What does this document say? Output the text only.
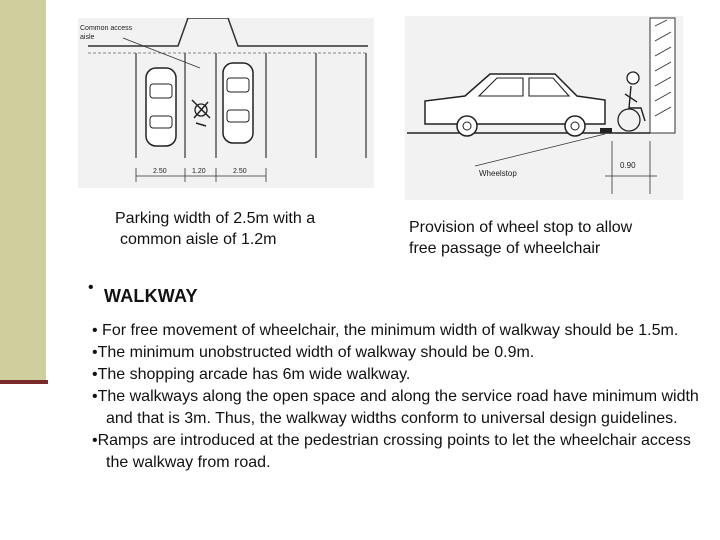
Common access
aisle
2.50	1.20	2.50	Wheelstop
0.90
Parking width of 2.5m with a
common aisle of 1.2m
Provision of wheel stop to allow
free passage of wheelchair
• WALKWAY
• For free movement of wheelchair, the minimum width of walkway should be 1.5m.
•The minimum unobstructed width of walkway should be 0.9m.
•The shopping arcade has 6m wide walkway.
•The walkways along the open space and along the service road have minimum width and that is 3m. Thus, the walkway widths conform to universal design guidelines.
•Ramps are introduced at the pedestrian crossing points to let the wheelchair access the walkway from road.
